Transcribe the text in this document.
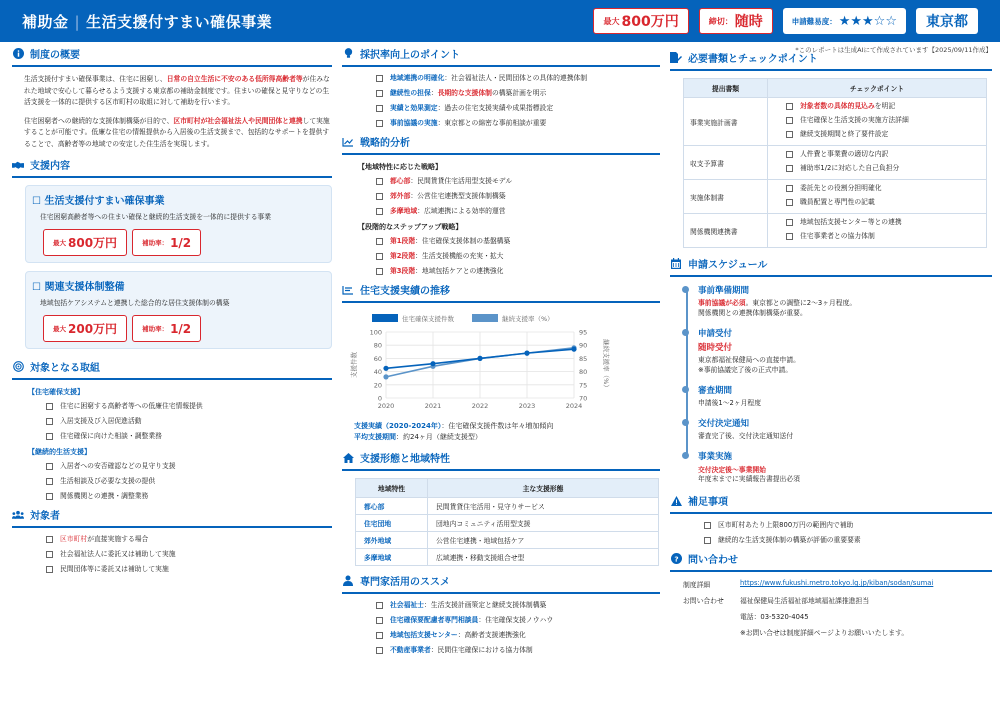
補助金 | 生活支援付すまい確保事業	最大 800万円	締切： 随時	申請難易度： ★★★☆☆	東京都
*このレポートは生成AIにて作成されています【2025/09/11作成】
制度の概要
生活支援付すまい確保事業は、住宅に困窮し、日常の自立生活に不安のある低所得高齢者等が住みなれた地域で安心して暮らせるよう支援する東京都の補助金制度です。住まいの確保と見守りなどの生活支援を一体的に提供する区市町村の取組に対して補助を行います。
住宅困窮者への継続的な支援体制構築が目的で、区市町村が社会福祉法人や民間団体と連携して実施することが可能です。低廉な住宅の情報提供から入居後の生活支援まで、包括的なサポートを提供することで、高齢者等の地域での安定した住生活を実現します。
支援内容
☐ 生活支援付すまい確保事業
住宅困窮高齢者等への住まい確保と継続的生活支援を一体的に提供する事業
最大 800万円	補助率： 1/2
☐ 関連支援体制整備
地域包括ケアシステムと連携した総合的な居住支援体制の構築
最大 200万円	補助率： 1/2
対象となる取組
【住宅確保支援】
住宅に困窮する高齢者等への低廉住宅情報提供
入居支援及び入居促進活動
住宅確保に向けた相談・調整業務
【継続的生活支援】
入居者への安否確認などの見守り支援
生活相談及び必要な支援の提供
関係機関との連携・調整業務
対象者
区市町村 が直接実施する場合
社会福祉法人に委託又は補助して実施
民間団体等に委託又は補助して実施
採択率向上のポイント
地域連携の明確化 ： 社会福祉法人・民間団体との具体的連携体制
継続性の担保 ： 長期的な支援体制 の構築計画を明示
実績と効果測定 ： 過去の住宅支援実績や成果指標設定
事前協議の実施 ： 東京都との綿密な事前相談が重要
戦略的分析
【地域特性に応じた戦略】
都心部 ：民間賃貸住宅活用型支援モデル
郊外部 ：公営住宅連携型支援体制構築
多摩地域 ：広域連携による効率的運営
【段階的なステップアップ戦略】
第1段階 ：住宅確保支援体制の基盤構築
第2段階 ：生活支援機能の充実・拡大
第3段階 ：地域包括ケアとの連携強化
住宅支援実績の推移
0
20
40
60
80
100
70
75
80
85
90
95
2020	2021	2022	2023	2024
支援件数	継続支援率（%）
住宅確保支援件数	継続支援率（%）
支援実績（2020-2024年）：住宅確保支援件数は年々増加傾向
平均支援期間：約24ヶ月（継続支援型）
支援形態と地域特性
地域特性	主な支援形態
都心部	民間賃貸住宅活用・見守りサービス
住宅団地	団地内コミュニティ活用型支援
郊外地域	公営住宅連携・地域包括ケア
多摩地域	広域連携・移動支援組合せ型
専門家活用のススメ
社会福祉士 ：生活支援計画策定と継続支援体制構築
住宅確保要配慮者専門相談員 ：住宅確保支援ノウハウ
地域包括支援センター ：高齢者支援連携強化
不動産事業者 ：民間住宅確保における協力体制
必要書類とチェックポイント
提出書類	チェックポイント
事業実施計画書	対象者数の具体的見込み を明記
住宅確保と生活支援の実施方法詳細
継続支援期間と終了要件設定

収支予算書	人件費と事業費の適切な内訳
補助率1/2に対応した自己負担分

実施体制書	委託先との役割分担明確化
職員配置と専門性の記載

関係機関連携書	地域包括支援センター等との連携
住宅事業者との協力体制
申請スケジュール
事前準備期間
事前協議が必須。東京都との調整に2〜3ヶ月程度。
関係機関との連携体制構築が重要。
申請受付
随時受付
東京都福祉保健局への直接申請。
※事前協議完了後の正式申請。
審査期間
申請後1〜2ヶ月程度
交付決定通知
審査完了後、交付決定通知送付
事業実施
交付決定後〜事業開始
年度末までに実績報告書提出必須
補足事項
区市町村あたり上限800万円の範囲内で補助
継続的な生活支援体制の構築が評価の重要要素
? 問い合わせ
制度詳細	https://www.fukushi.metro.tokyo.lg.jp/kiban/sodan/sumai
お問い合わせ	福祉保健局生活福祉部地域福祉課推進担当
電話：03-5320-4045
※お問い合せは制度詳細ページよりお願いいたします。
